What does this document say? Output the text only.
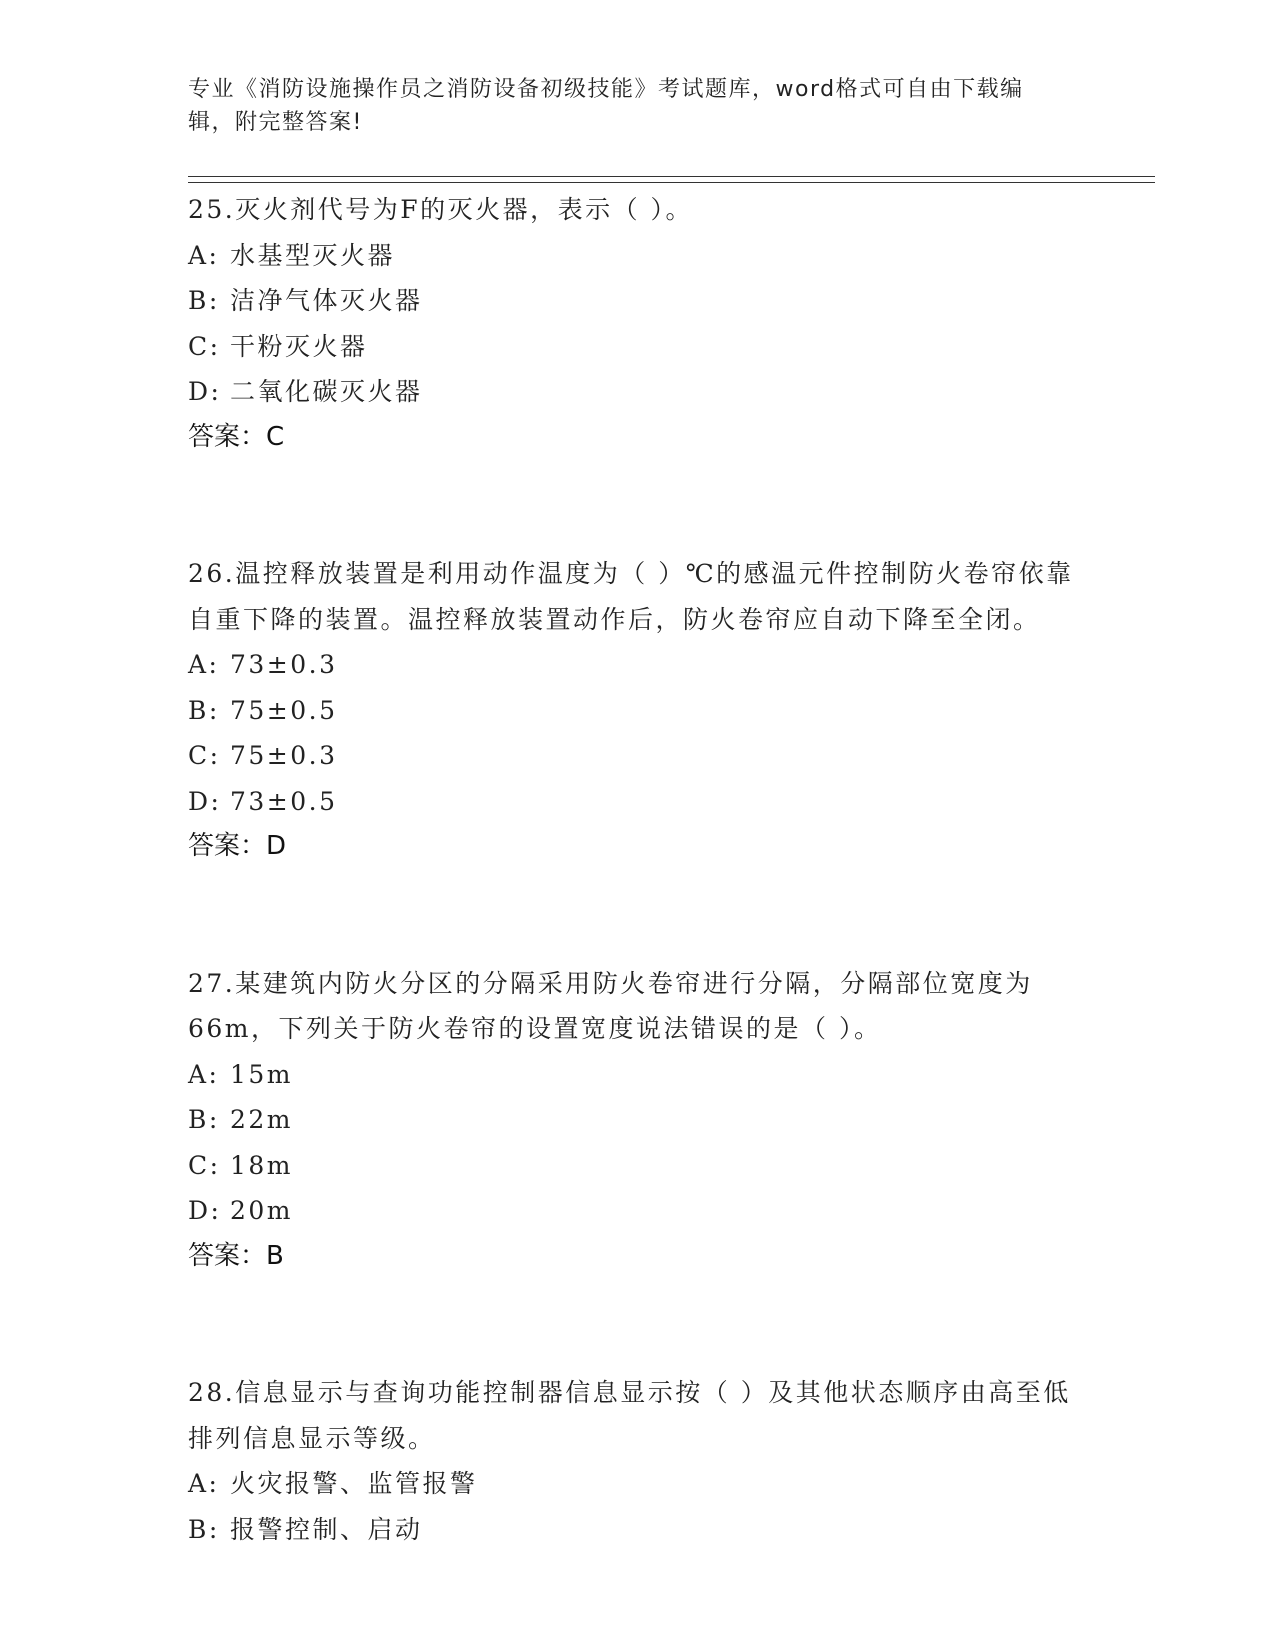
专业《消防设施操作员之消防设备初级技能》考试题库，word格式可自由下载编辑，附完整答案!

25.灭火剂代号为F的灭火器，表示（ ）。

A: 水基型灭火器

B: 洁净气体灭火器

C: 干粉灭火器

D: 二氧化碳灭火器

答案：C

26.温控释放装置是利用动作温度为（ ）℃的感温元件控制防火卷帘依靠自重下降的装置。温控释放装置动作后，防火卷帘应自动下降至全闭。

A: 73±0.3

B: 75±0.5

C: 75±0.3

D: 73±0.5

答案：D

27.某建筑内防火分区的分隔采用防火卷帘进行分隔，分隔部位宽度为66m，下列关于防火卷帘的设置宽度说法错误的是（ ）。

A: 15m

B: 22m

C: 18m

D: 20m

答案：B

28.信息显示与查询功能控制器信息显示按（ ）及其他状态顺序由高至低排列信息显示等级。

A: 火灾报警、监管报警

B: 报警控制、启动
